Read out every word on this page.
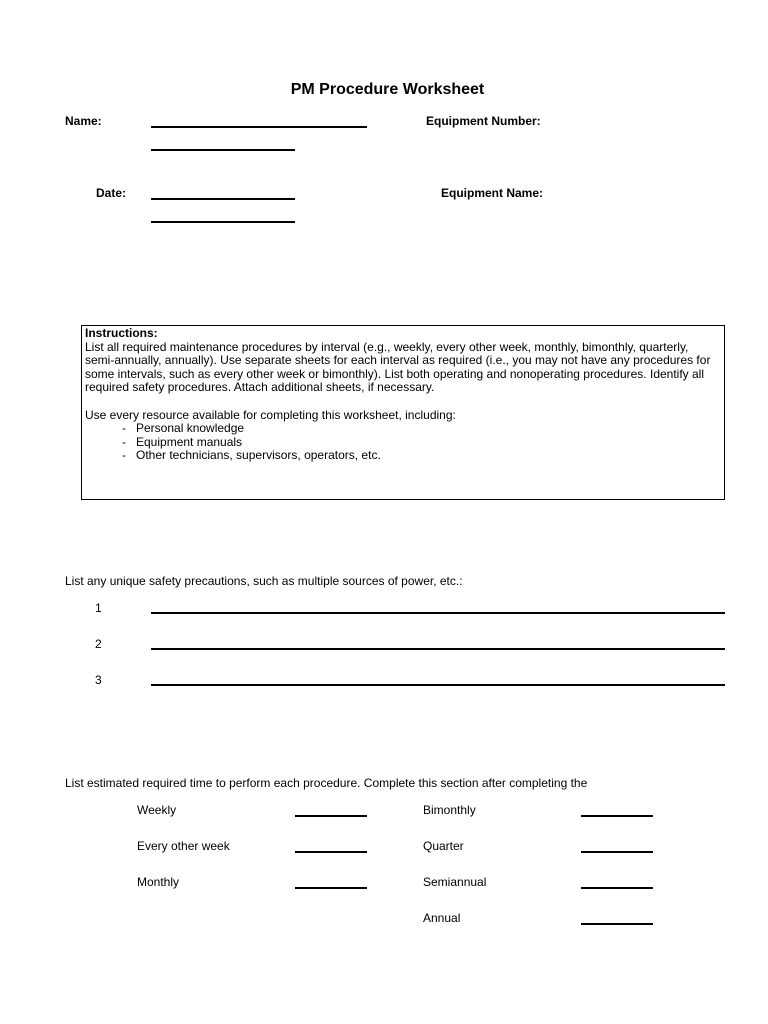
PM Procedure Worksheet
Name:	Equipment Number:
Date:	Equipment Name:
Instructions:

List all required maintenance procedures by interval (e.g., weekly, every other week, monthly, bimonthly, quarterly, semi-annually, annually). Use separate sheets for each interval as required (i.e., you may not have any procedures for some intervals, such as every other week or bimonthly). List both operating and nonoperating procedures. Identify all required safety procedures. Attach additional sheets, if necessary.

Use every resource available for completing this worksheet, including:
- Personal knowledge
- Equipment manuals
- Other technicians, supervisors, operators, etc.
List any unique safety precautions, such as multiple sources of power, etc.:
1
2
3
List estimated required time to perform each procedure. Complete this section after completing the
Weekly
Every other week
Monthly
Bimonthly
Quarter
Semiannual
Annual
